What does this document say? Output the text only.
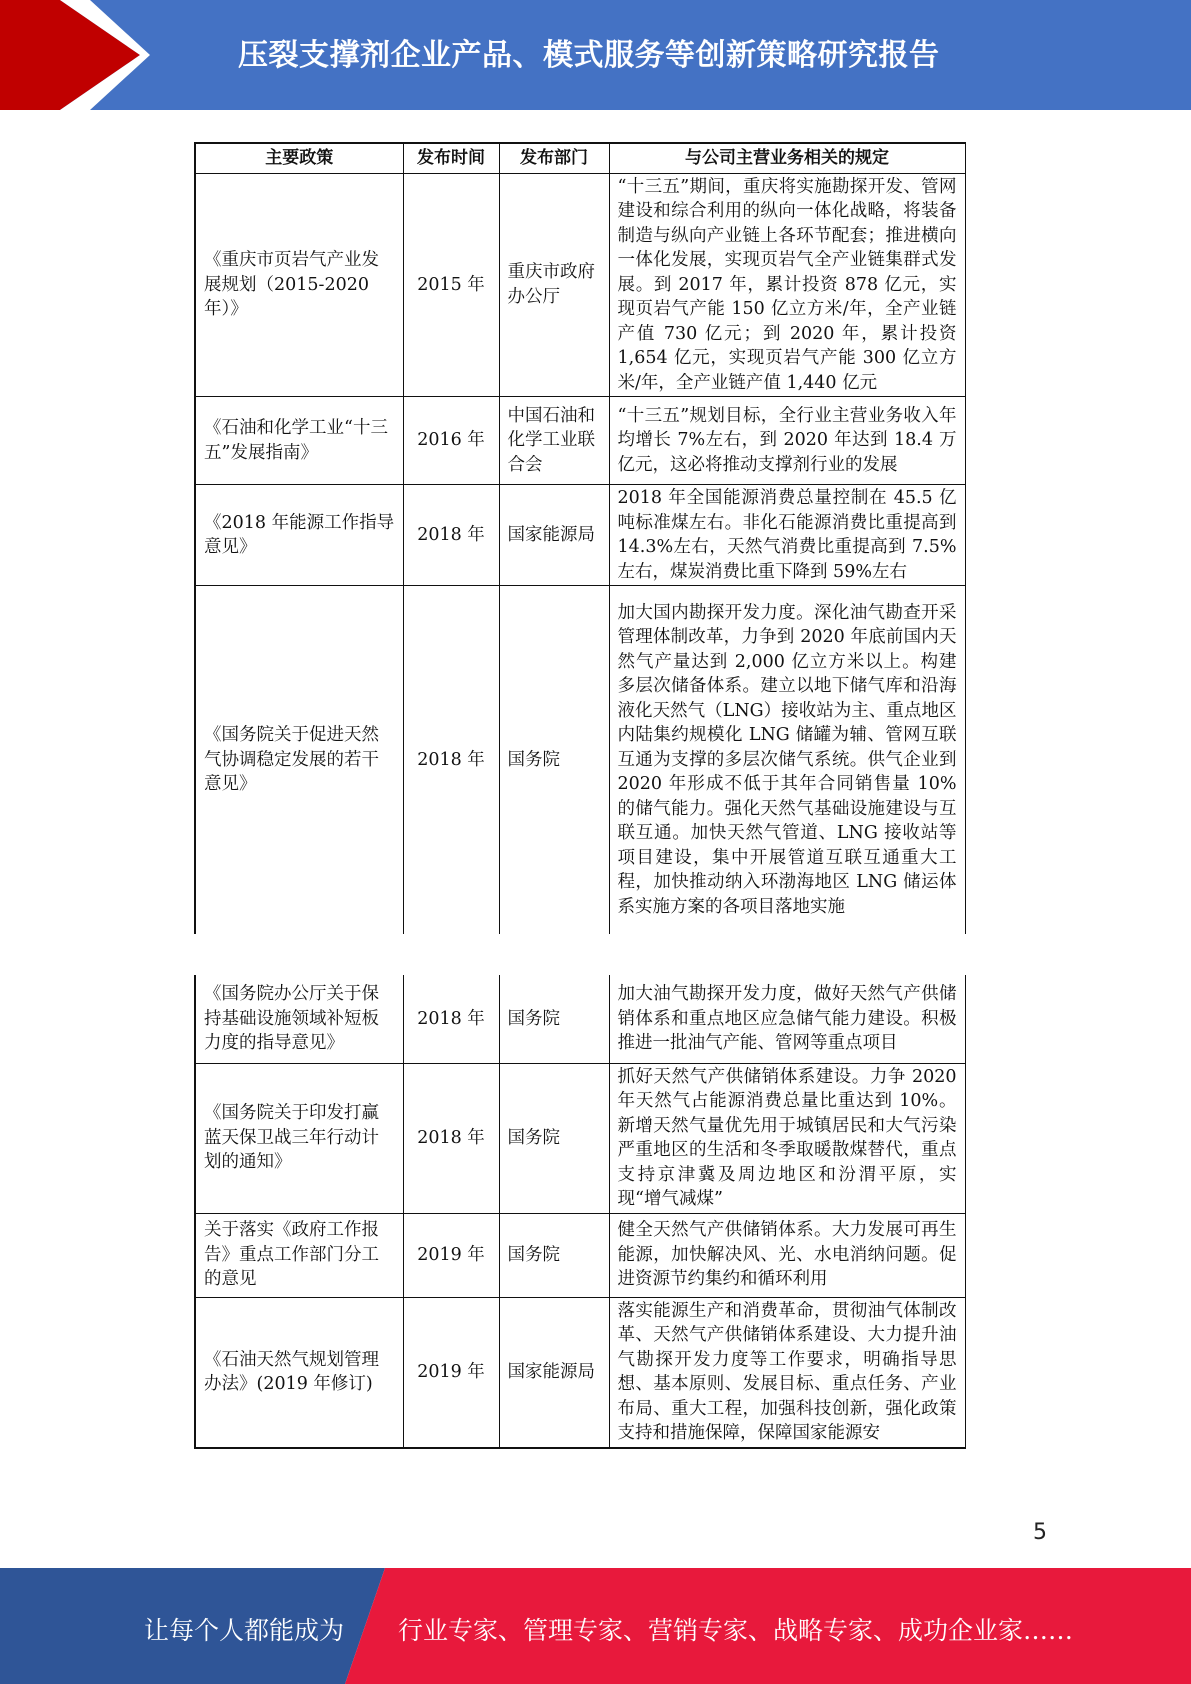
压裂支撑剂企业产品、模式服务等创新策略研究报告
主要政策	发布时间	发布部门	与公司主营业务相关的规定
《重庆市页岩气产业发展规划（2015-2020年）》	2015 年	重庆市政府办公厅	“十三五”期间，重庆将实施勘探开发、管网建设和综合利用的纵向一体化战略，将装备制造与纵向产业链上各环节配套；推进横向一体化发展，实现页岩气全产业链集群式发展。到 2017 年，累计投资 878 亿元，实现页岩气产能 150 亿立方米/年，全产业链产值 730 亿元；到 2020 年，累计投资 1,654 亿元，实现页岩气产能 300 亿立方米/年，全产业链产值 1,440 亿元
《石油和化学工业“十三五”发展指南》	2016 年	中国石油和化学工业联合会	“十三五”规划目标，全行业主营业务收入年均增长 7%左右，到 2020 年达到 18.4 万亿元，这必将推动支撑剂行业的发展
《2018 年能源工作指导意见》	2018 年	国家能源局	2018 年全国能源消费总量控制在 45.5 亿吨标准煤左右。非化石能源消费比重提高到 14.3%左右，天然气消费比重提高到 7.5%左右，煤炭消费比重下降到 59%左右
《国务院关于促进天然气协调稳定发展的若干意见》	2018 年	国务院	加大国内勘探开发力度。深化油气勘查开采管理体制改革，力争到 2020 年底前国内天然气产量达到 2,000 亿立方米以上。构建多层次储备体系。建立以地下储气库和沿海液化天然气（LNG）接收站为主、重点地区内陆集约规模化 LNG 储罐为辅、管网互联互通为支撑的多层次储气系统。供气企业到 2020 年形成不低于其年合同销售量 10%的储气能力。强化天然气基础设施建设与互联互通。加快天然气管道、LNG 接收站等项目建设，集中开展管道互联互通重大工程，加快推动纳入环渤海地区 LNG 储运体系实施方案的各项目落地实施
《国务院办公厅关于保持基础设施领域补短板力度的指导意见》	2018 年	国务院	加大油气勘探开发力度，做好天然气产供储销体系和重点地区应急储气能力建设。积极推进一批油气产能、管网等重点项目
《国务院关于印发打赢蓝天保卫战三年行动计划的通知》	2018 年	国务院	抓好天然气产供储销体系建设。力争 2020 年天然气占能源消费总量比重达到 10%。新增天然气量优先用于城镇居民和大气污染严重地区的生活和冬季取暖散煤替代，重点支持京津冀及周边地区和汾渭平原，实现“增气减煤”
关于落实《政府工作报告》重点工作部门分工的意见	2019 年	国务院	健全天然气产供储销体系。大力发展可再生能源，加快解决风、光、水电消纳问题。促进资源节约集约和循环利用
《石油天然气规划管理办法》(2019 年修订)	2019 年	国家能源局	落实能源生产和消费革命，贯彻油气体制改革、天然气产供储销体系建设、大力提升油气勘探开发力度等工作要求，明确指导思想、基本原则、发展目标、重点任务、产业布局、重大工程，加强科技创新，强化政策支持和措施保障，保障国家能源安
5
让每个人都能成为 行业专家、管理专家、营销专家、战略专家、成功企业家……
